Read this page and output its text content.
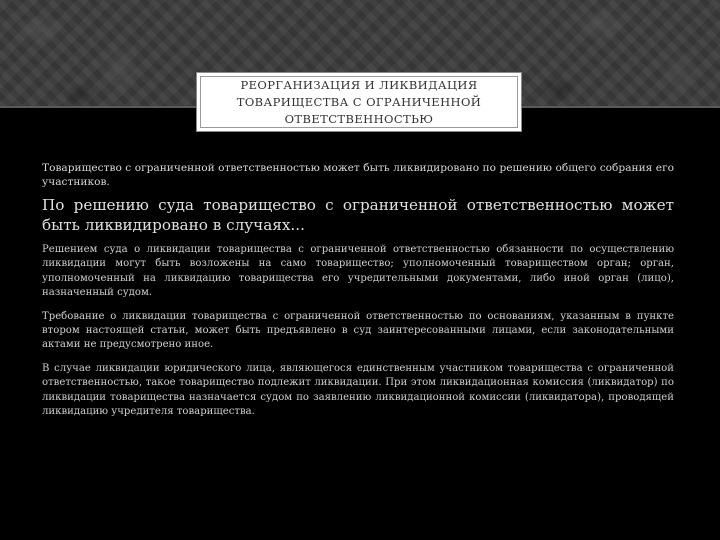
РЕОРГАНИЗАЦИЯ И ЛИКВИДАЦИЯ
ТОВАРИЩЕСТВА С ОГРАНИЧЕННОЙ
ОТВЕТСТВЕННОСТЬЮ

Товарищество с ограниченной ответственностью может быть ликвидировано по решению общего собрания его участников.

По решению суда товарищество с ограниченной ответственностью может быть ликвидировано в случаях...

Решением суда о ликвидации товарищества с ограниченной ответственностью обязанности по осуществлению ликвидации могут быть возложены на само товарищество; уполномоченный товариществом орган; орган, уполномоченный на ликвидацию товарищества его учредительными документами, либо иной орган (лицо), назначенный судом.

Требование о ликвидации товарищества с ограниченной ответственностью по основаниям, указанным в пункте втором настоящей статьи, может быть предъявлено в суд заинтересованными лицами, если законодательными актами не предусмотрено иное.

В случае ликвидации юридического лица, являющегося единственным участником товарищества с ограниченной ответственностью, такое товарищество подлежит ликвидации. При этом ликвидационная комиссия (ликвидатор) по ликвидации товарищества назначается судом по заявлению ликвидационной комиссии (ликвидатора), проводящей ликвидацию учредителя товарищества.
